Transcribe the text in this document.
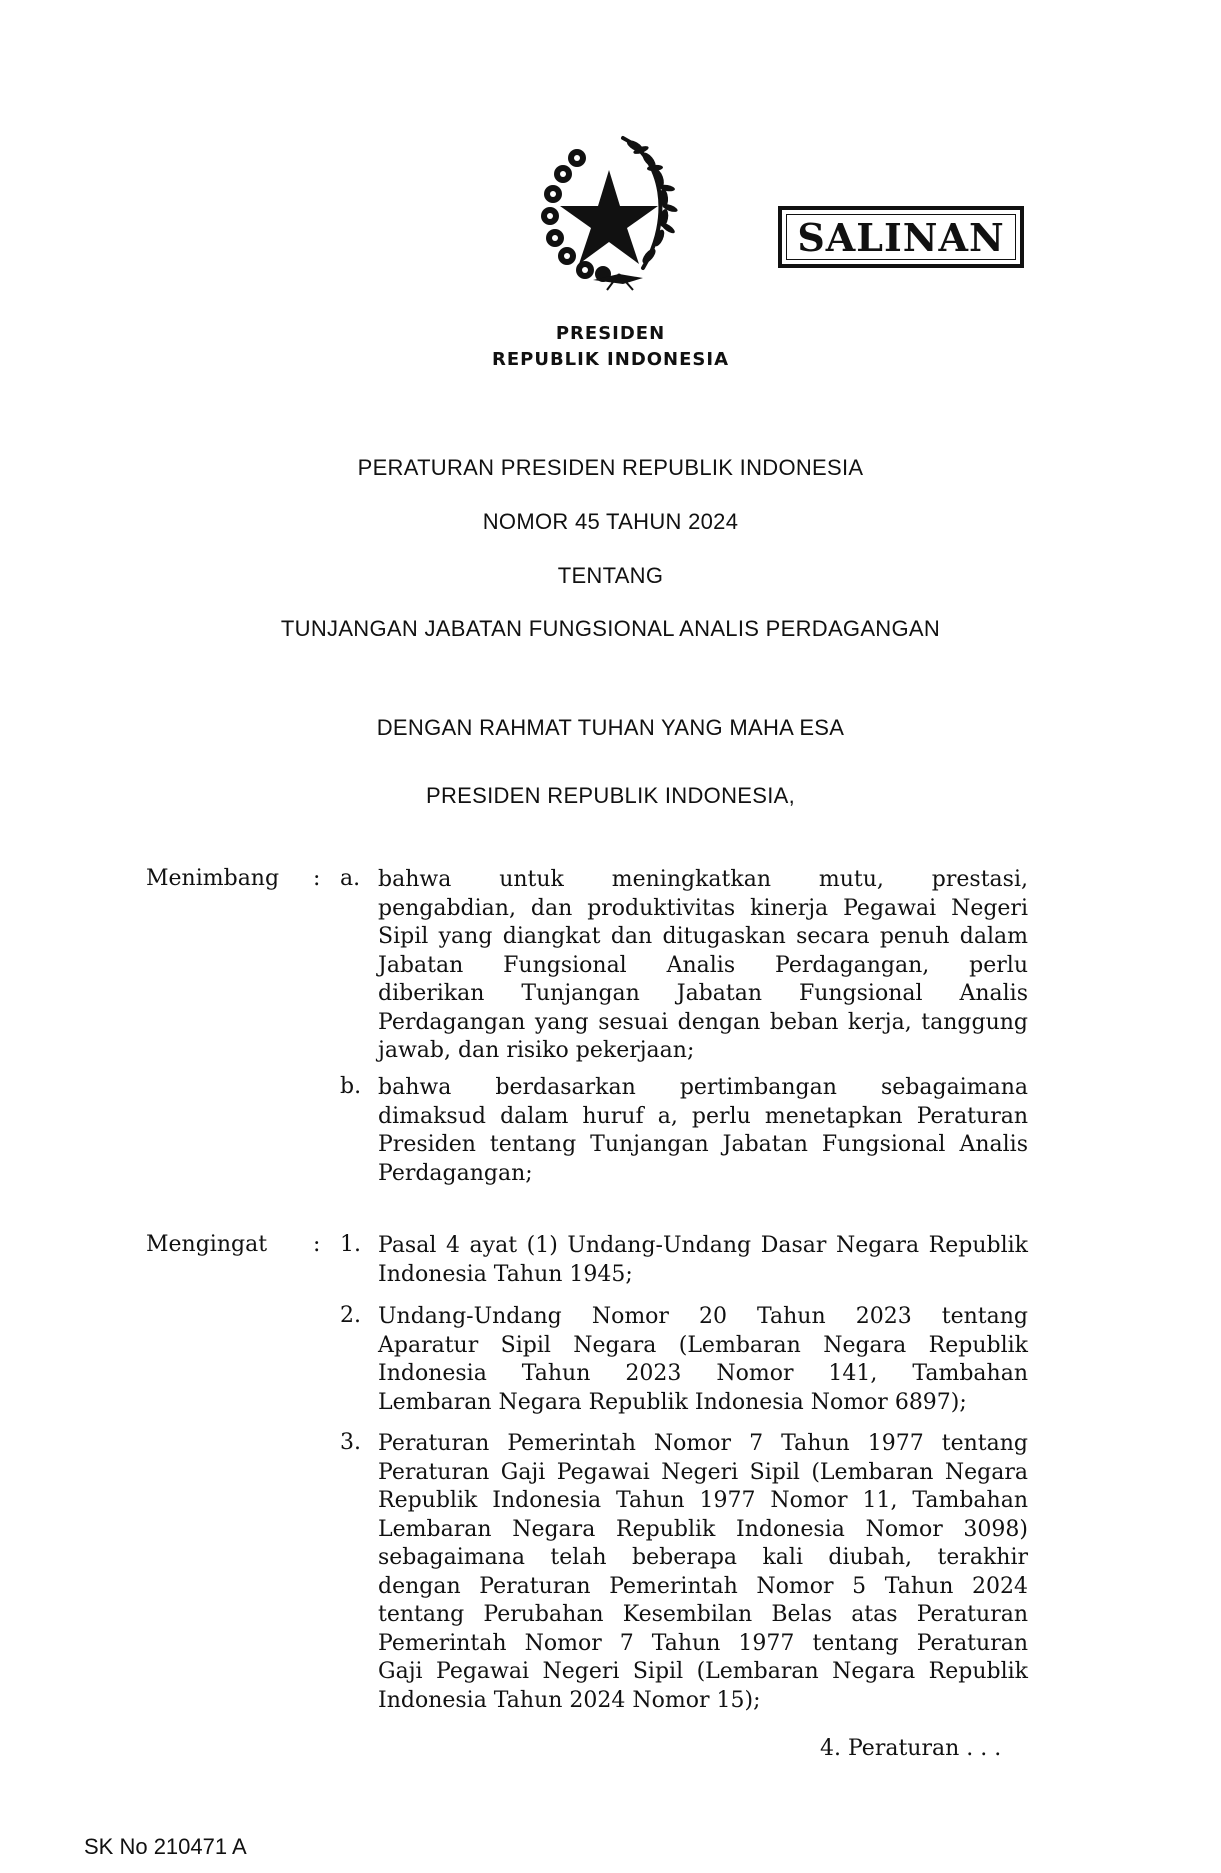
SALINAN
PRESIDEN
REPUBLIK INDONESIA
PERATURAN PRESIDEN REPUBLIK INDONESIA
NOMOR 45 TAHUN 2024
TENTANG
TUNJANGAN JABATAN FUNGSIONAL ANALIS PERDAGANGAN
DENGAN RAHMAT TUHAN YANG MAHA ESA
PRESIDEN REPUBLIK INDONESIA,
Menimbang : a. bahwa untuk meningkatkan mutu, prestasi,
pengabdian, dan produktivitas kinerja Pegawai Negeri
Sipil yang diangkat dan ditugaskan secara penuh dalam
Jabatan Fungsional Analis Perdagangan, perlu
diberikan Tunjangan Jabatan Fungsional Analis
Perdagangan yang sesuai dengan beban kerja, tanggung
jawab, dan risiko pekerjaan;
b. bahwa berdasarkan pertimbangan sebagaimana
dimaksud dalam huruf a, perlu menetapkan Peraturan
Presiden tentang Tunjangan Jabatan Fungsional Analis
Perdagangan;
Mengingat : 1. Pasal 4 ayat (1) Undang-Undang Dasar Negara Republik
Indonesia Tahun 1945;
2. Undang-Undang Nomor 20 Tahun 2023 tentang
Aparatur Sipil Negara (Lembaran Negara Republik
Indonesia Tahun 2023 Nomor 141, Tambahan
Lembaran Negara Republik Indonesia Nomor 6897);
3. Peraturan Pemerintah Nomor 7 Tahun 1977 tentang
Peraturan Gaji Pegawai Negeri Sipil (Lembaran Negara
Republik Indonesia Tahun 1977 Nomor 11, Tambahan
Lembaran Negara Republik Indonesia Nomor 3098)
sebagaimana telah beberapa kali diubah, terakhir
dengan Peraturan Pemerintah Nomor 5 Tahun 2024
tentang Perubahan Kesembilan Belas atas Peraturan
Pemerintah Nomor 7 Tahun 1977 tentang Peraturan
Gaji Pegawai Negeri Sipil (Lembaran Negara Republik
Indonesia Tahun 2024 Nomor 15);
4. Peraturan . . .
SK No 210471 A
